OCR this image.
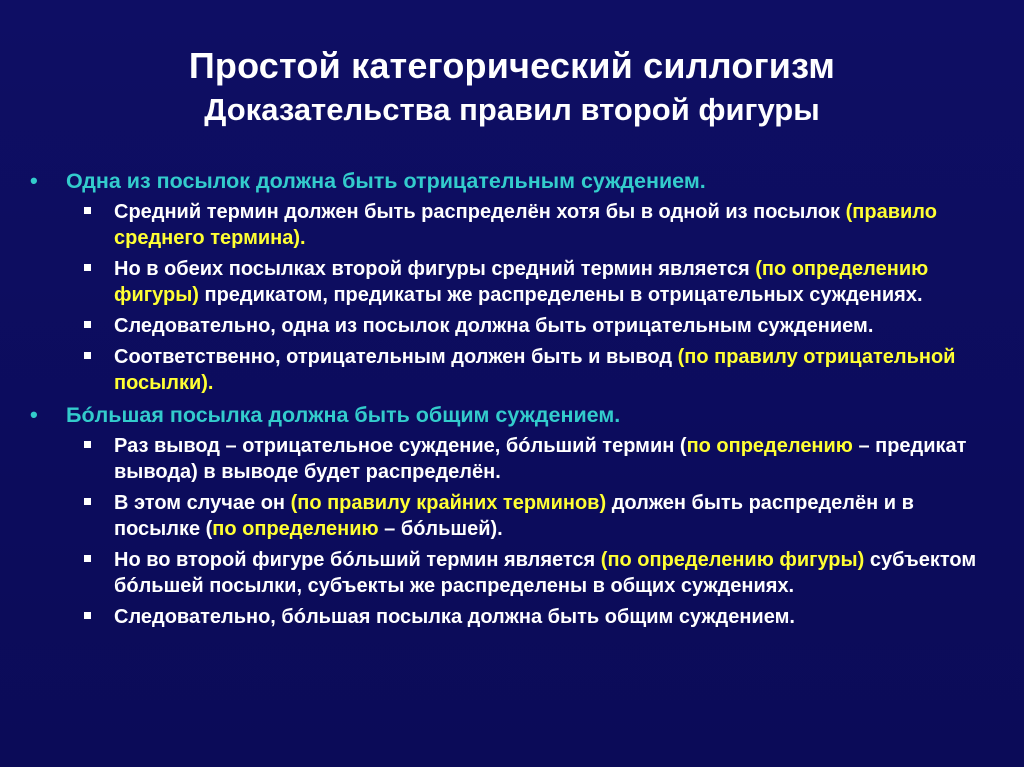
Простой категорический силлогизм
Доказательства правил второй фигуры
• Одна из посылок должна быть отрицательным суждением.
Средний термин должен быть распределён хотя бы в одной из посылок (правило среднего термина).
Но в обеих посылках второй фигуры средний термин является (по определению фигуры) предикатом, предикаты же распределены в отрицательных суждениях.
Следовательно, одна из посылок должна быть отрицательным суждением.
Соответственно, отрицательным должен быть и вывод (по правилу отрицательной посылки).
• Бóльшая посылка должна быть общим суждением.
Раз вывод – отрицательное суждение, бóльший термин (по определению – предикат вывода) в выводе будет распределён.
В этом случае он (по правилу крайних терминов) должен быть распределён и в посылке (по определению – бóльшей).
Но во второй фигуре бóльший термин является (по определению фигуры) субъектом бóльшей посылки, субъекты же распределены в общих суждениях.
Следовательно, бóльшая посылка должна быть общим суждением.
